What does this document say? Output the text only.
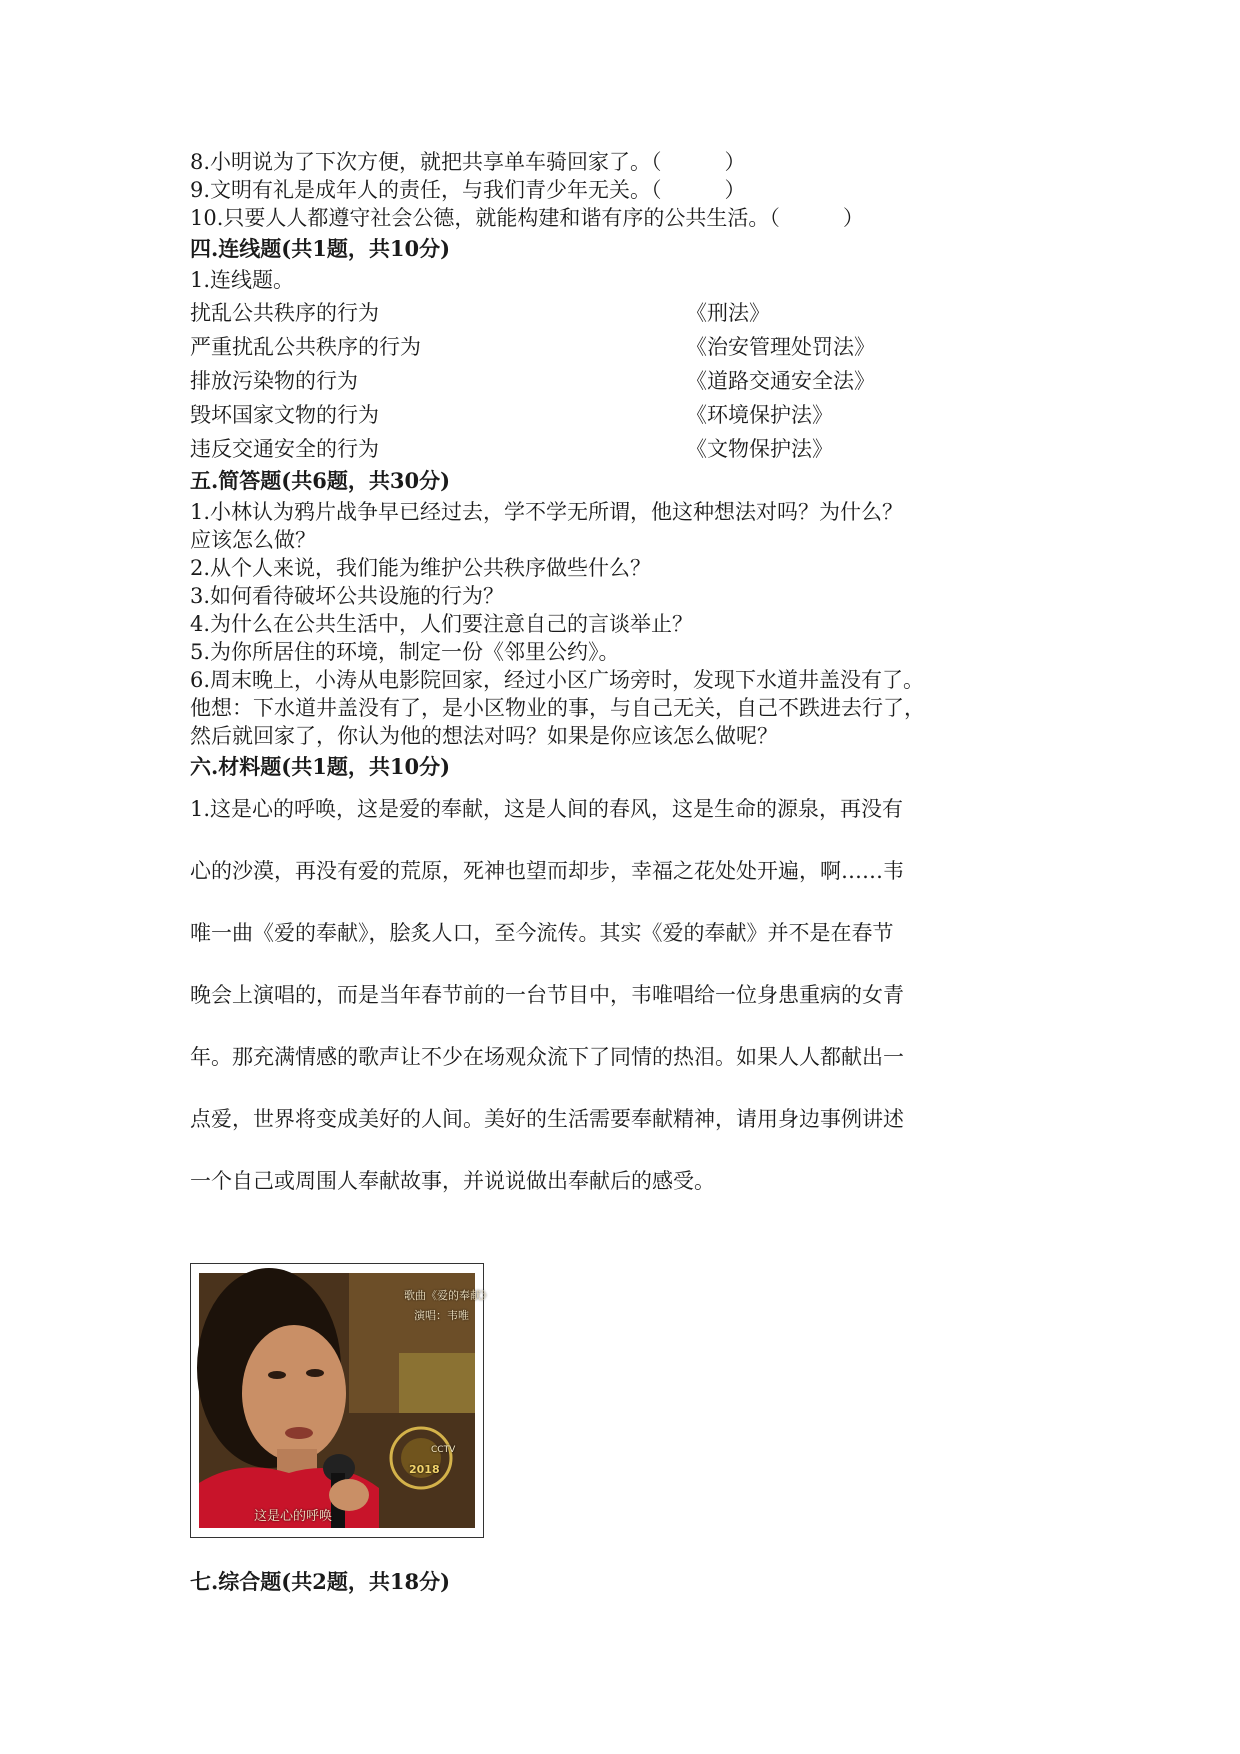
8.小明说为了下次方便，就把共享单车骑回家了。（　　　）
9.文明有礼是成年人的责任，与我们青少年无关。（　　　）
10.只要人人都遵守社会公德，就能构建和谐有序的公共生活。（　　　）
四.连线题(共1题，共10分)
1.连线题。
扰乱公共秩序的行为	《刑法》
严重扰乱公共秩序的行为	《治安管理处罚法》
排放污染物的行为	《道路交通安全法》
毁坏国家文物的行为	《环境保护法》
违反交通安全的行为	《文物保护法》
五.简答题(共6题，共30分)
1.小林认为鸦片战争早已经过去，学不学无所谓，他这种想法对吗？为什么？
应该怎么做？
2.从个人来说，我们能为维护公共秩序做些什么？
3.如何看待破坏公共设施的行为？
4.为什么在公共生活中，人们要注意自己的言谈举止？
5.为你所居住的环境，制定一份《邻里公约》。
6.周末晚上，小涛从电影院回家，经过小区广场旁时，发现下水道井盖没有了。
他想：下水道井盖没有了，是小区物业的事，与自己无关，自己不跌进去行了，
然后就回家了，你认为他的想法对吗？如果是你应该怎么做呢？
六.材料题(共1题，共10分)
1.这是心的呼唤，这是爱的奉献，这是人间的春风，这是生命的源泉，再没有
心的沙漠，再没有爱的荒原，死神也望而却步，幸福之花处处开遍，啊……韦
唯一曲《爱的奉献》，脍炙人口，至今流传。其实《爱的奉献》并不是在春节
晚会上演唱的，而是当年春节前的一台节目中，韦唯唱给一位身患重病的女青
年。那充满情感的歌声让不少在场观众流下了同情的热泪。如果人人都献出一
点爱，世界将变成美好的人间。美好的生活需要奉献精神，请用身边事例讲述
一个自己或周围人奉献故事，并说说做出奉献后的感受。
歌曲《爱的奉献》
演唱：韦唯
2018
CCTV
这是心的呼唤
七.综合题(共2题，共18分)
